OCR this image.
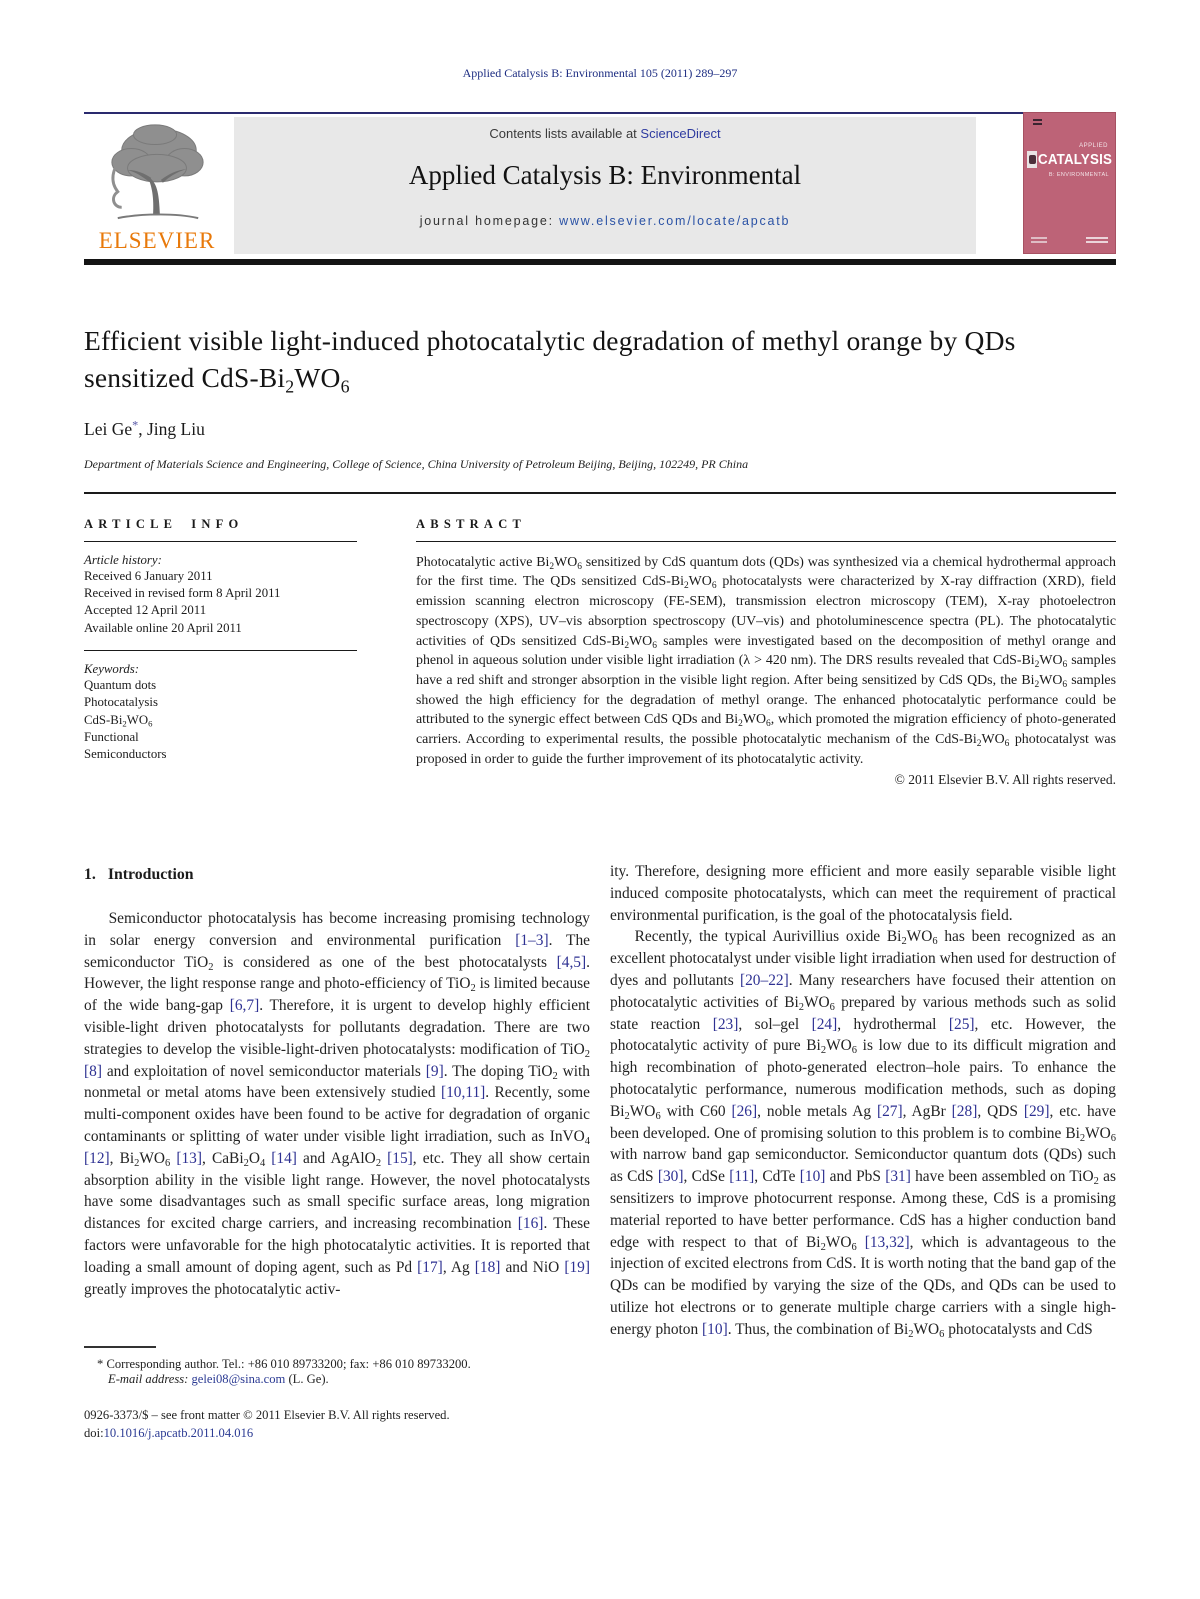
Applied Catalysis B: Environmental 105 (2011) 289–297
ELSEVIER
Contents lists available at ScienceDirect
Applied Catalysis B: Environmental
journal homepage: www.elsevier.com/locate/apcatb
APPLIED
CATALYSIS
B: ENVIRONMENTAL
Efficient visible light-induced photocatalytic degradation of methyl orange by QDs sensitized CdS-$Bi_2WO_6$
Lei Ge*, Jing Liu
Department of Materials Science and Engineering, College of Science, China University of Petroleum Beijing, Beijing, 102249, PR China
ARTICLE INFO
Article history:
Received 6 January 2011
Received in revised form 8 April 2011
Accepted 12 April 2011
Available online 20 April 2011
Keywords:
Quantum dots
Photocatalysis
CdS-$Bi_2WO_6$
Functional
Semiconductors
ABSTRACT
Photocatalytic active $Bi_2WO_6$ sensitized by CdS quantum dots (QDs) was synthesized via a chemical hydrothermal approach for the first time. The QDs sensitized CdS-$Bi_2WO_6$ photocatalysts were characterized by X-ray diffraction (XRD), field emission scanning electron microscopy (FE-SEM), transmission electron microscopy (TEM), X-ray photoelectron spectroscopy (XPS), UV–vis absorption spectroscopy (UV–vis) and photoluminescence spectra (PL). The photocatalytic activities of QDs sensitized CdS-$Bi_2WO_6$ samples were investigated based on the decomposition of methyl orange and phenol in aqueous solution under visible light irradiation (λ > 420 nm). The DRS results revealed that CdS-$Bi_2WO_6$ samples have a red shift and stronger absorption in the visible light region. After being sensitized by CdS QDs, the $Bi_2WO_6$ samples showed the high efficiency for the degradation of methyl orange. The enhanced photocatalytic performance could be attributed to the synergic effect between CdS QDs and $Bi_2WO_6$, which promoted the migration efficiency of photo-generated carriers. According to experimental results, the possible photocatalytic mechanism of the CdS-$Bi_2WO_6$ photocatalyst was proposed in order to guide the further improvement of its photocatalytic activity.
© 2011 Elsevier B.V. All rights reserved.
1. Introduction

Semiconductor photocatalysis has become increasing promising technology in solar energy conversion and environmental purification [1–3]. The semiconductor TiO$_2$ is considered as one of the best photocatalysts [4,5]. However, the light response range and photo-efficiency of TiO$_2$ is limited because of the wide bang-gap [6,7]. Therefore, it is urgent to develop highly efficient visible-light driven photocatalysts for pollutants degradation. There are two strategies to develop the visible-light-driven photocatalysts: modification of TiO$_2$ [8] and exploitation of novel semiconductor materials [9]. The doping TiO$_2$ with nonmetal or metal atoms have been extensively studied [10,11]. Recently, some multi-component oxides have been found to be active for degradation of organic contaminants or splitting of water under visible light irradiation, such as InVO$_4$ [12], $Bi_2WO_6$ [13], $CaBi_2O_4$ [14] and AgAlO$_2$ [15], etc. They all show certain absorption ability in the visible light range. However, the novel photocatalysts have some disadvantages such as small specific surface areas, long migration distances for excited charge carriers, and increasing recombination [16]. These factors were unfavorable for the high photocatalytic activities. It is reported that loading a small amount of doping agent, such as Pd [17], Ag [18] and NiO [19] greatly improves the photocatalytic activ-

* Corresponding author. Tel.: +86 010 89733200; fax: +86 010 89733200.
E-mail address: gelei08@sina.com (L. Ge).
0926-3373/$ – see front matter © 2011 Elsevier B.V. All rights reserved.
doi:10.1016/j.apcatb.2011.04.016

ity. Therefore, designing more efficient and more easily separable visible light induced composite photocatalysts, which can meet the requirement of practical environmental purification, is the goal of the photocatalysis field.

Recently, the typical Aurivillius oxide $Bi_2WO_6$ has been recognized as an excellent photocatalyst under visible light irradiation when used for destruction of dyes and pollutants [20–22]. Many researchers have focused their attention on photocatalytic activities of $Bi_2WO_6$ prepared by various methods such as solid state reaction [23], sol–gel [24], hydrothermal [25], etc. However, the photocatalytic activity of pure $Bi_2WO_6$ is low due to its difficult migration and high recombination of photo-generated electron–hole pairs. To enhance the photocatalytic performance, numerous modification methods, such as doping $Bi_2WO_6$ with C60 [26], noble metals Ag [27], AgBr [28], QDS [29], etc. have been developed. One of promising solution to this problem is to combine $Bi_2WO_6$ with narrow band gap semiconductor. Semiconductor quantum dots (QDs) such as CdS [30], CdSe [11], CdTe [10] and PbS [31] have been assembled on TiO$_2$ as sensitizers to improve photocurrent response. Among these, CdS is a promising material reported to have better performance. CdS has a higher conduction band edge with respect to that of $Bi_2WO_6$ [13,32], which is advantageous to the injection of excited electrons from CdS. It is worth noting that the band gap of the QDs can be modified by varying the size of the QDs, and QDs can be used to utilize hot electrons or to generate multiple charge carriers with a single high-energy photon [10]. Thus, the combination of $Bi_2WO_6$ photocatalysts and CdS
